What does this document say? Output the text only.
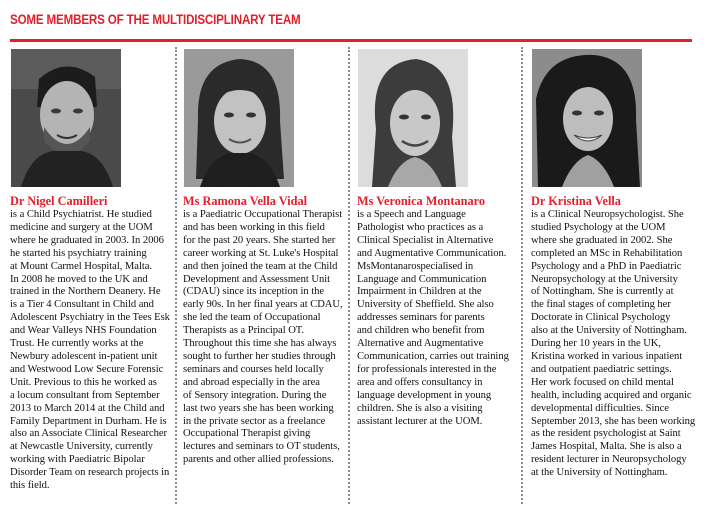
SOME MEMBERS OF THE MULTIDISCIPLINARY TEAM
Dr Nigel Camilleri
is a Child Psychiatrist. He studied
medicine and surgery at the UOM
where he graduated in 2003. In 2006
he started his psychiatry training
at Mount Carmel Hospital, Malta.
In 2008 he moved to the UK and
trained in the Northern Deanery. He
is a Tier 4 Consultant in Child and
Adolescent Psychiatry in the Tees Esk
and Wear Valleys NHS Foundation
Trust. He currently works at the
Newbury adolescent in-patient unit
and Westwood Low Secure Forensic
Unit. Previous to this he worked as
a locum consultant from September
2013 to March 2014 at the Child and
Family Department in Durham. He is
also an Associate Clinical Researcher
at Newcastle University, currently
working with Paediatric Bipolar
Disorder Team on research projects in
this field.
Ms Ramona Vella Vidal
is a Paediatric Occupational Therapist
and has been working in this field
for the past 20 years. She started her
career working at St. Luke's Hospital
and then joined the team at the Child
Development and Assessment Unit
(CDAU) since its inception in the
early 90s. In her final years at CDAU,
she led the team of Occupational
Therapists as a Principal OT.
Throughout this time she has always
sought to further her studies through
seminars and courses held locally
and abroad especially in the area
of Sensory integration. During the
last two years she has been working
in the private sector as a freelance
Occupational Therapist giving
lectures and seminars to OT students,
parents and other allied professions.
Ms Veronica Montanaro
is a Speech and Language
Pathologist who practices as a
Clinical Specialist in Alternative
and Augmentative Communication.
MsMontanarospecialised in
Language and Communication
Impairment in Children at the
University of Sheffield. She also
addresses seminars for parents
and children who benefit from
Alternative and Augmentative
Communication, carries out training
for professionals interested in the
area and offers consultancy in
language development in young
children. She is also a visiting
assistant lecturer at the UOM.
Dr Kristina Vella
is a Clinical Neuropsychologist. She
studied Psychology at the UOM
where she graduated in 2002. She
completed an MSc in Rehabilitation
Psychology and a PhD in Paediatric
Neuropsychology at the University
of Nottingham. She is currently at
the final stages of completing her
Doctorate in Clinical Psychology
also at the University of Nottingham.
During her 10 years in the UK,
Kristina worked in various inpatient
and outpatient paediatric settings.
Her work focused on child mental
health, including acquired and organic
developmental difficulties. Since
September 2013, she has been working
as the resident psychologist at Saint
James Hospital, Malta. She is also a
resident lecturer in Neuropsychology
at the University of Nottingham.
